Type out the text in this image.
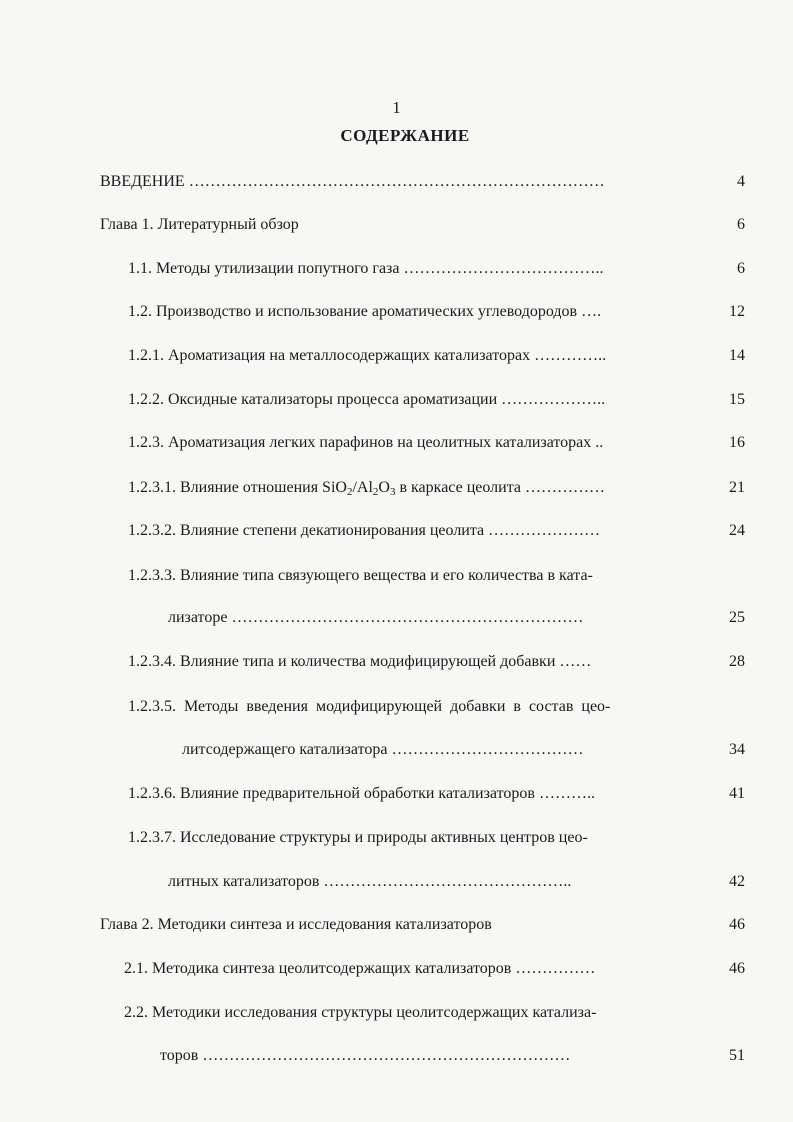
1
СОДЕРЖАНИЕ
ВВЕДЕНИЕ ……………………………………………………………………	4
Глава 1. Литературный обзор	6
1.1. Методы утилизации попутного газа ………………………………..	6
1.2. Производство и использование ароматических углеводородов ….	12
1.2.1. Ароматизация на металлосодержащих катализаторах …………..	14
1.2.2. Оксидные катализаторы процесса ароматизации ………………..	15
1.2.3. Ароматизация легких парафинов на цеолитных катализаторах ..	16
1.2.3.1. Влияние отношения $SiO_2/Al_2O_3$ в каркасе цеолита ……………	21
1.2.3.2. Влияние степени декатионирования цеолита …………………	24
1.2.3.3. Влияние типа связующего вещества и его количества в ката-
лизаторе …………………………………………………………	25
1.2.3.4. Влияние типа и количества модифицирующей добавки ……	28
1.2.3.5. Методы введения модифицирующей добавки в состав цео-
литсодержащего катализатора ………………………………	34
1.2.3.6. Влияние предварительной обработки катализаторов ………..	41
1.2.3.7. Исследование структуры и природы активных центров цео-
литных катализаторов ………………………………………..	42
Глава 2. Методики синтеза и исследования катализаторов	46
2.1. Методика синтеза цеолитсодержащих катализаторов ……………	46
2.2. Методики исследования структуры цеолитсодержащих катализа-
торов ……………………………………………………………	51
